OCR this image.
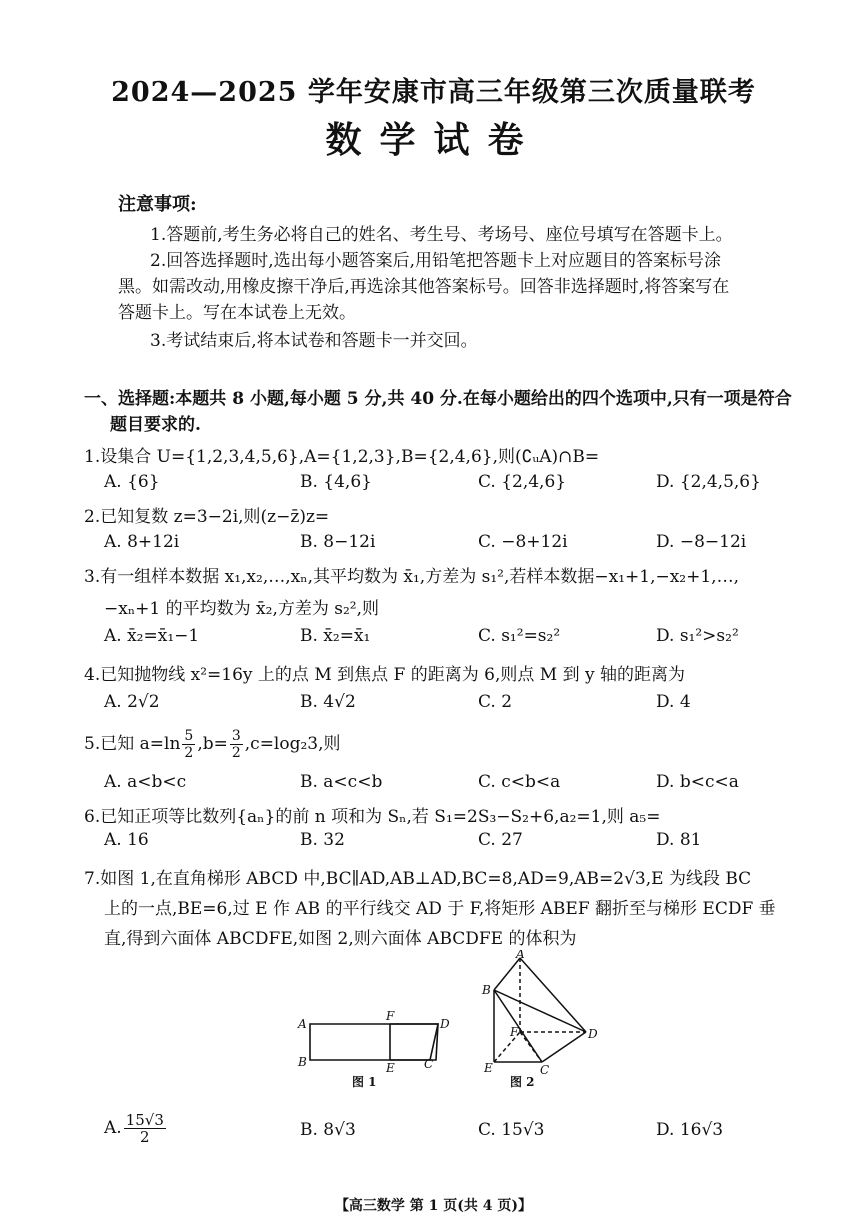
2024—2025 学年安康市高三年级第三次质量联考
数学试卷
注意事项:
1.答题前,考生务必将自己的姓名、考生号、考场号、座位号填写在答题卡上。
2.回答选择题时,选出每小题答案后,用铅笔把答题卡上对应题目的答案标号涂
黑。如需改动,用橡皮擦干净后,再选涂其他答案标号。回答非选择题时,将答案写在
答题卡上。写在本试卷上无效。
3.考试结束后,将本试卷和答题卡一并交回。
一、选择题:本题共 8 小题,每小题 5 分,共 40 分.在每小题给出的四个选项中,只有一项是符合
题目要求的.
1.设集合 U={1,2,3,4,5,6},A={1,2,3},B={2,4,6},则(∁ᵤA)∩B=
A. {6}	B. {4,6}	C. {2,4,6}	D. {2,4,5,6}
2.已知复数 z=3−2i,则(z−z̄)z=
A. 8+12i	B. 8−12i	C. −8+12i	D. −8−12i
3.有一组样本数据 x₁,x₂,…,xₙ,其平均数为 x̄₁,方差为 s₁²,若样本数据−x₁+1,−x₂+1,…,
−xₙ+1 的平均数为 x̄₂,方差为 s₂²,则
A. x̄₂=x̄₁−1	B. x̄₂=x̄₁	C. s₁²=s₂²	D. s₁²>s₂²
4.已知抛物线 x²=16y 上的点 M 到焦点 F 的距离为 6,则点 M 到 y 轴的距离为
A. 2√2	B. 4√2	C. 2	D. 4
5.已知 $a=\ln \frac{5}{2} ,b= \frac{3}{2} ,c=\log_23$,则
A. a<b<c	B. a<c<b	C. c<b<a	D. b<c<a
6.已知正项等比数列{aₙ}的前 n 项和为 Sₙ,若 S₁=2S₃−S₂+6,a₂=1,则 a₅=
A. 16	B. 32	C. 27	D. 81
7.如图 1,在直角梯形 ABCD 中,BC∥AD,AB⊥AD,BC=8,AD=9,AB=2√3,E 为线段 BC
上的一点,BE=6,过 E 作 AB 的平行线交 AD 于 F,将矩形 ABEF 翻折至与梯形 ECDF 垂
直,得到六面体 ABCDFE,如图 2,则六面体 ABCDFE 的体积为
A
F
D
B	E C
图 1
A
B
F	D
E	C
图 2
A. $\frac{15√3}{2}$	B. 8√3	C. 15√3	D. 16√3
【高三数学 第 1 页(共 4 页)】
